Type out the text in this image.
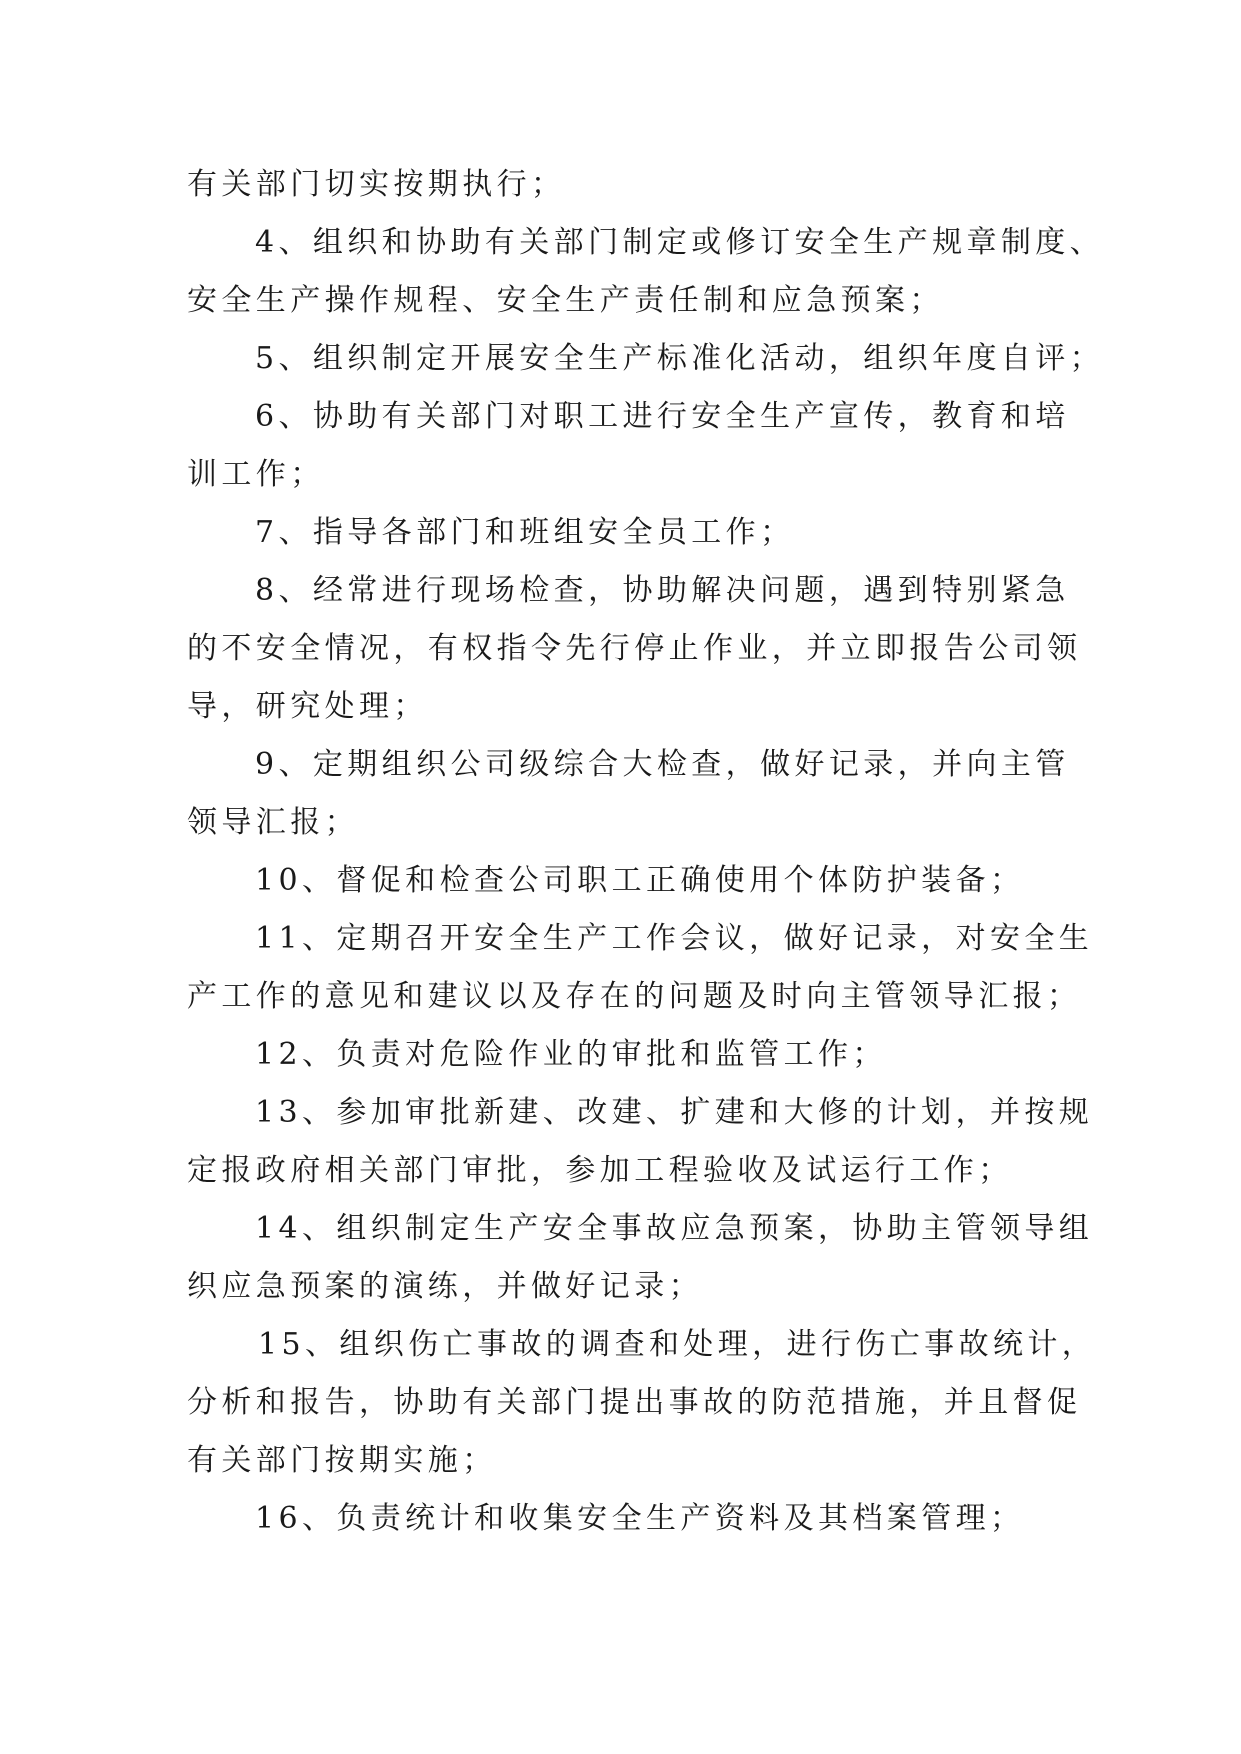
有关部门切实按期执行；

4、组织和协助有关部门制定或修订安全生产规章制度、

安全生产操作规程、安全生产责任制和应急预案；

5、组织制定开展安全生产标准化活动，组织年度自评；

6、协助有关部门对职工进行安全生产宣传，教育和培

训工作；

7、指导各部门和班组安全员工作；

8、经常进行现场检查，协助解决问题，遇到特别紧急

的不安全情况，有权指令先行停止作业，并立即报告公司领

导，研究处理；

9、定期组织公司级综合大检查，做好记录，并向主管

领导汇报；

10、督促和检查公司职工正确使用个体防护装备；

11、定期召开安全生产工作会议，做好记录，对安全生

产工作的意见和建议以及存在的问题及时向主管领导汇报；

12、负责对危险作业的审批和监管工作；

13、参加审批新建、改建、扩建和大修的计划，并按规

定报政府相关部门审批，参加工程验收及试运行工作；

14、组织制定生产安全事故应急预案，协助主管领导组

织应急预案的演练，并做好记录；

15、组织伤亡事故的调查和处理，进行伤亡事故统计，

分析和报告，协助有关部门提出事故的防范措施，并且督促

有关部门按期实施；

16、负责统计和收集安全生产资料及其档案管理；
